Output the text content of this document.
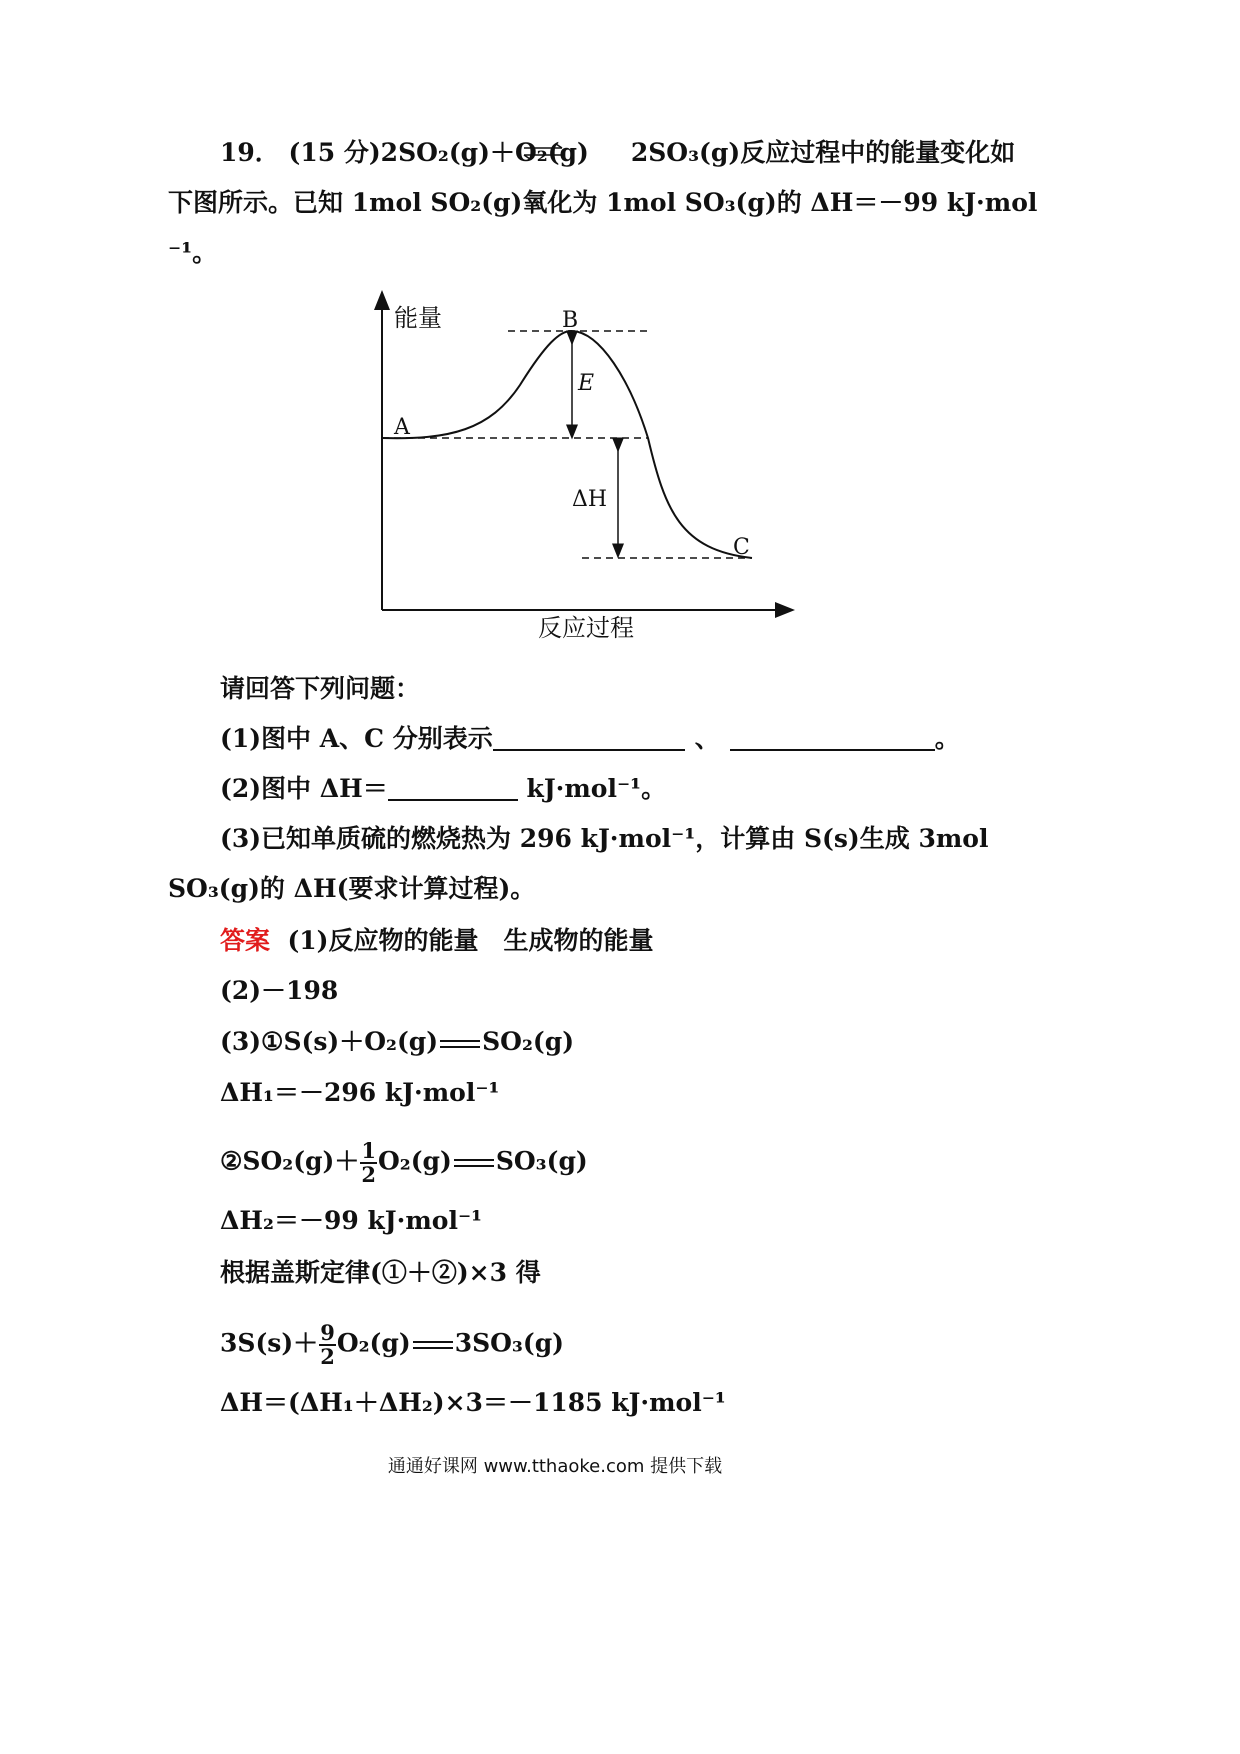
19． (15 分)2SO₂(g)＋O₂(g) 2SO₃(g)反应过程中的能量变化如
下图所示。已知 1mol SO₂(g)氧化为 1mol SO₃(g)的 ΔH＝－99 kJ·mol
⁻¹。
能量	B
A
E
ΔH
C
反应过程
请回答下列问题：
(1)图中 A、C 分别表示	、	。
(2)图中 ΔH＝	kJ·mol⁻¹。
(3)已知单质硫的燃烧热为 296 kJ·mol⁻¹，计算由 S(s)生成 3mol
SO₃(g)的 ΔH(要求计算过程)。
答案 (1)反应物的能量　生成物的能量
(2)－198
(3)①S(s)＋O₂(g) SO₂(g)
ΔH₁＝－296 kJ·mol⁻¹
②SO₂(g)＋ $\frac{1}{2} O_2(g)$ SO₃(g)
ΔH₂＝－99 kJ·mol⁻¹
根据盖斯定律(①＋②)×3 得
$3S(s)+ \frac{9}{2} O_2(g)$ 3SO₃(g)
ΔH＝(ΔH₁＋ΔH₂)×3＝－1185 kJ·mol⁻¹
通通好课网 www.tthaoke.com 提供下载
